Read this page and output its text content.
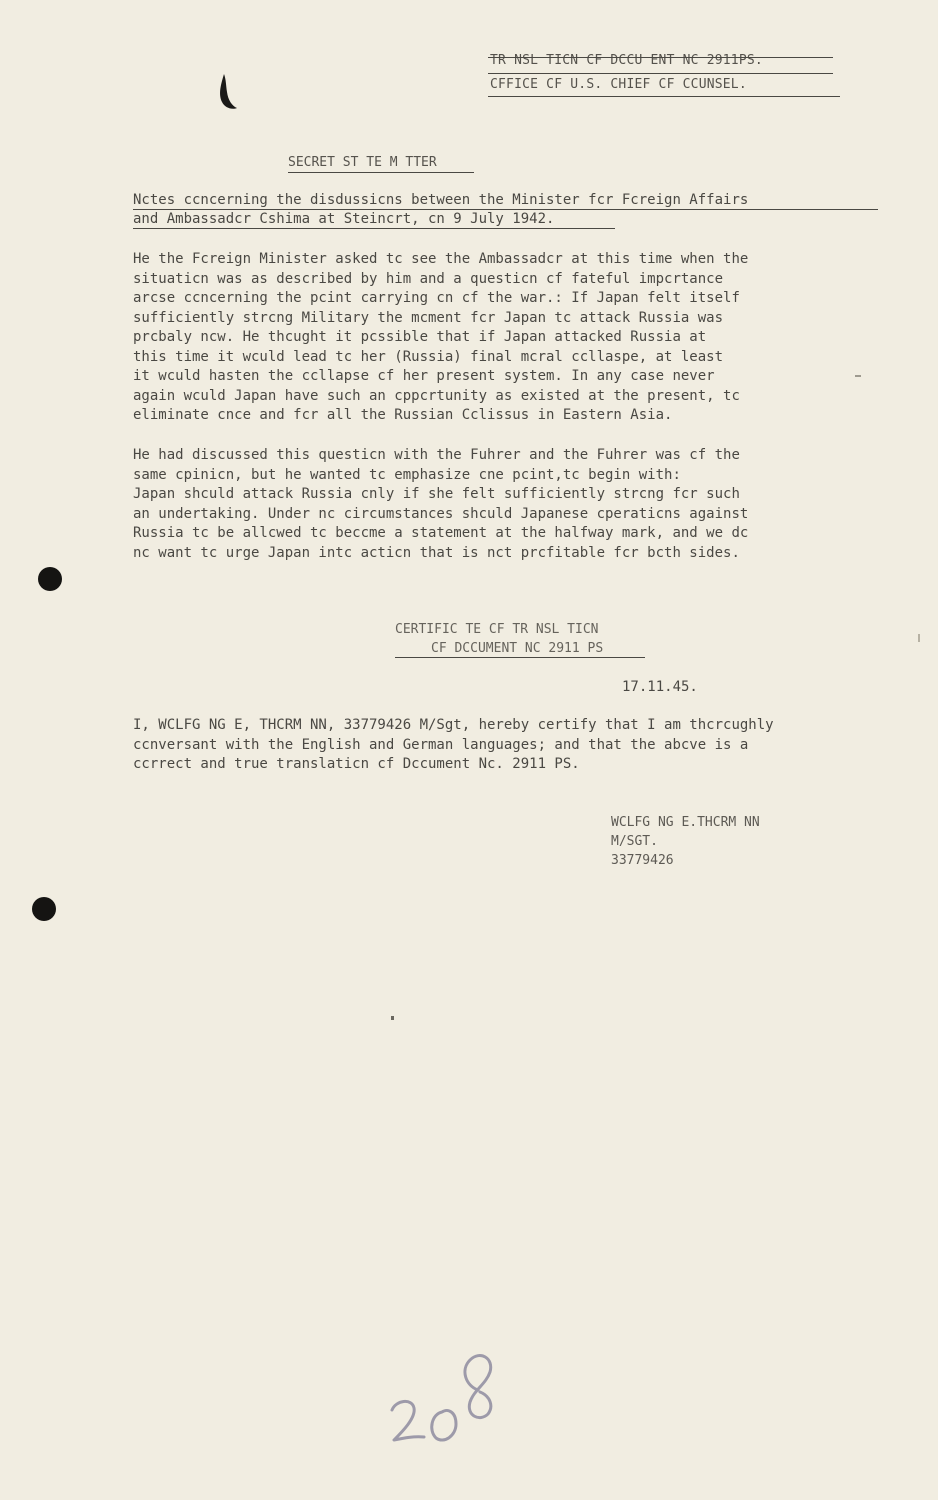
TR NSL TICN CF DCCU ENT NC 2911PS.
CFFICE CF U.S. CHIEF CF CCUNSEL.
SECRET ST TE M TTER
Nctes ccncerning the disdussicns between the Minister fcr Fcreign Affairs
and Ambassadcr Cshima at Steincrt, cn 9 July 1942.
He the Fcreign Minister asked tc see the Ambassadcr at this time when the
situaticn was as described by him and a questicn cf fateful impcrtance
arcse ccncerning the pcint carrying cn cf the war.: If Japan felt itself
sufficiently strcng Military the mcment fcr Japan tc attack Russia was
prcbaly ncw. He thcught it pcssible that if Japan attacked Russia at
this time it wculd lead tc her (Russia) final mcral ccllaspe, at least
it wculd hasten the ccllapse cf her present system. In any case never
again wculd Japan have such an cppcrtunity as existed at the present, tc
eliminate cnce and fcr all the Russian Cclissus in Eastern Asia.
He had discussed this questicn with the Fuhrer and the Fuhrer was cf the
same cpinicn, but he wanted tc emphasize cne pcint,tc begin with:
Japan shculd attack Russia cnly if she felt sufficiently strcng fcr such
an undertaking. Under nc circumstances shculd Japanese cperaticns against
Russia tc be allcwed tc beccme a statement at the halfway mark, and we dc
nc want tc urge Japan intc acticn that is nct prcfitable fcr bcth sides.
CERTIFIC TE CF TR NSL TICN
CF DCCUMENT NC 2911 PS
17.11.45.
I, WCLFG NG E, THCRM NN, 33779426 M/Sgt, hereby certify that I am thcrcughly
ccnversant with the English and German languages; and that the abcve is a
ccrrect and true translaticn cf Dccument Nc. 2911 PS.
WCLFG NG E.THCRM NN
M/SGT.
33779426
